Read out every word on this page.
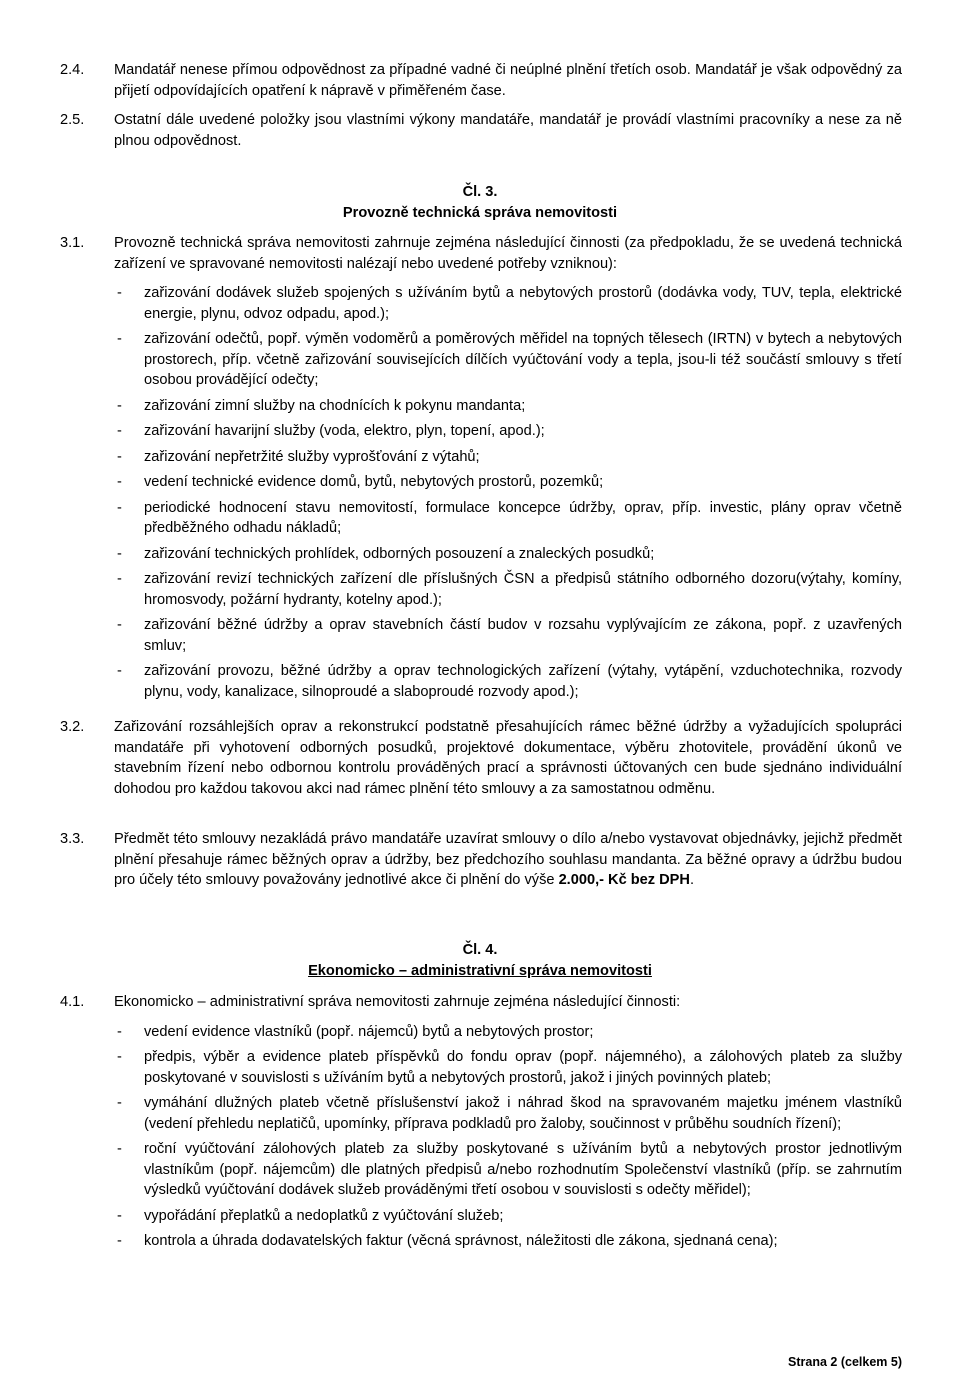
2.4. Mandatář nenese přímou odpovědnost za případné vadné či neúplné plnění třetích osob. Mandatář je však odpovědný za přijetí odpovídajících opatření k nápravě v přiměřeném čase.
2.5. Ostatní dále uvedené položky jsou vlastními výkony mandatáře, mandatář je provádí vlastními pracovníky a nese za ně plnou odpovědnost.
Čl. 3.
Provozně technická správa nemovitosti
3.1. Provozně technická správa nemovitosti zahrnuje zejména následující činnosti (za předpokladu, že se uvedená technická zařízení ve spravované nemovitosti nalézají nebo uvedené potřeby vzniknou):
- zařizování dodávek služeb spojených s užíváním bytů a nebytových prostorů (dodávka vody, TUV, tepla, elektrické energie, plynu, odvoz odpadu, apod.);
- zařizování odečtů, popř. výměn vodoměrů a poměrových měřidel na topných tělesech (IRTN) v bytech a nebytových prostorech, příp. včetně zařizování souvisejících dílčích vyúčtování vody a tepla, jsou-li též součástí smlouvy s třetí osobou provádějící odečty;
- zařizování zimní služby na chodnících k pokynu mandanta;
- zařizování havarijní služby (voda, elektro, plyn, topení, apod.);
- zařizování nepřetržité služby vyprošťování z výtahů;
- vedení technické evidence domů, bytů, nebytových prostorů, pozemků;
- periodické hodnocení stavu nemovitostí, formulace koncepce údržby, oprav, příp. investic, plány oprav včetně předběžného odhadu nákladů;
- zařizování technických prohlídek, odborných posouzení a znaleckých posudků;
- zařizování revizí technických zařízení dle příslušných ČSN a předpisů státního odborného dozoru(výtahy, komíny, hromosvody, požární hydranty, kotelny apod.);
- zařizování běžné údržby a oprav stavebních částí budov v rozsahu vyplývajícím ze zákona, popř. z uzavřených smluv;
- zařizování provozu, běžné údržby a oprav technologických zařízení (výtahy, vytápění, vzduchotechnika, rozvody plynu, vody, kanalizace, silnoproudé a slaboproudé rozvody apod.);
3.2. Zařizování rozsáhlejších oprav a rekonstrukcí podstatně přesahujících rámec běžné údržby a vyžadujících spolupráci mandatáře při vyhotovení odborných posudků, projektové dokumentace, výběru zhotovitele, provádění úkonů ve stavebním řízení nebo odbornou kontrolu prováděných prací a správnosti účtovaných cen bude sjednáno individuální dohodou pro každou takovou akci nad rámec plnění této smlouvy a za samostatnou odměnu.
3.3. Předmět této smlouvy nezakládá právo mandatáře uzavírat smlouvy o dílo a/nebo vystavovat objednávky, jejichž předmět plnění přesahuje rámec běžných oprav a údržby, bez předchozího souhlasu mandanta. Za běžné opravy a údržbu budou pro účely této smlouvy považovány jednotlivé akce či plnění do výše 2.000,- Kč bez DPH.
Čl. 4.
Ekonomicko – administrativní správa nemovitosti
4.1. Ekonomicko – administrativní správa nemovitosti zahrnuje zejména následující činnosti:
- vedení evidence vlastníků (popř. nájemců) bytů a nebytových prostor;
- předpis, výběr a evidence plateb příspěvků do fondu oprav (popř. nájemného), a zálohových plateb za služby poskytované v souvislosti s užíváním bytů a nebytových prostorů, jakož i jiných povinných plateb;
- vymáhání dlužných plateb včetně příslušenství jakož i náhrad škod na spravovaném majetku jménem vlastníků (vedení přehledu neplatičů, upomínky, příprava podkladů pro žaloby, součinnost v průběhu soudních řízení);
- roční vyúčtování zálohových plateb za služby poskytované s užíváním bytů a nebytových prostor jednotlivým vlastníkům (popř. nájemcům) dle platných předpisů a/nebo rozhodnutím Společenství vlastníků (příp. se zahrnutím výsledků vyúčtování dodávek služeb prováděnými třetí osobou v souvislosti s odečty měřidel);
- vypořádání přeplatků a nedoplatků z vyúčtování služeb;
- kontrola a úhrada dodavatelských faktur (věcná správnost, náležitosti dle zákona, sjednaná cena);
Strana 2 (celkem 5)
